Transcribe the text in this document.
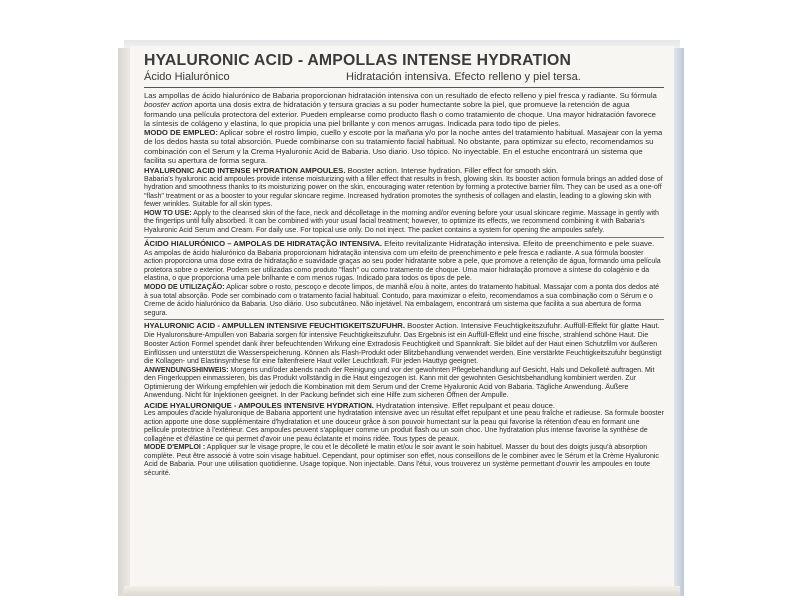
HYALURONIC ACID - AMPOLLAS INTENSE HYDRATION
Ácido Hialurónico	Hidratación intensiva. Efecto relleno y piel tersa.

Las ampollas de ácido hialurónico de Babaria proporcionan hidratación intensiva con un resultado de efecto relleno y piel fresca y radiante. Su fórmula booster action aporta una dosis extra de hidratación y tersura gracias a su poder humectante sobre la piel, que promueve la retención de agua formando una película protectora del exterior. Pueden emplearse como producto flash o como tratamiento de choque. Una mayor hidratación favorece la síntesis de colágeno y elastina, lo que propicia una piel brillante y con menos arrugas. Indicada para todo tipo de pieles.

MODO DE EMPLEO: Aplicar sobre el rostro limpio, cuello y escote por la mañana y/o por la noche antes del tratamiento habitual. Masajear con la yema de los dedos hasta su total absorción. Puede combinarse con su tratamiento facial habitual. No obstante, para optimizar su efecto, recomendamos su combinación con el Serum y la Crema Hyaluronic Acid de Babaria. Uso diario. Uso tópico. No inyectable. En el estuche encontrará un sistema que facilita su apertura de forma segura.

HYALURONIC ACID INTENSE HYDRATION AMPOULES. Booster action. Intense hydration. Filler effect for smooth skin.

Babaria's hyaluronic acid ampoules provide intense moisturizing with a filler effect that results in fresh, glowing skin. Its booster action formula brings an added dose of hydration and smoothness thanks to its moisturizing power on the skin, encouraging water retention by forming a protective barrier film. They can be used as a one-off "flash" treatment or as a booster to your regular skincare regime. Increased hydration promotes the synthesis of collagen and elastin, leading to a glowing skin with fewer wrinkles. Suitable for all skin types.

HOW TO USE: Apply to the cleansed skin of the face, neck and décolletage in the morning and/or evening before your usual skincare regime. Massage in gently with the fingertips until fully absorbed. It can be combined with your usual facial treatment; however, to optimize its effects, we recommend combining it with Babaria's Hyaluronic Acid Serum and Cream. For daily use. For topical use only. Do not inject. The packet contains a system for opening the ampoules safely.

ÁCIDO HIALURÓNICO – AMPOLAS DE HIDRATAÇÃO INTENSIVA. Efeito revitalizante Hidratação intensiva. Efeito de preenchimento e pele suave.

As ampolas de ácido hialurónico da Babaria proporcionam hidratação intensiva com um efeito de preenchimento e pele fresca e radiante. A sua fórmula booster action proporciona uma dose extra de hidratação e suavidade graças ao seu poder hidratante sobre a pele, que promove a retenção de água, formando uma película protetora sobre o exterior. Podem ser utilizadas como produto "flash" ou como tratamento de choque. Uma maior hidratação promove a síntese do colagénio e da elastina, o que proporciona uma pele brilhante e com menos rugas. Indicado para todos os tipos de pele.

MODO DE UTILIZAÇÃO: Aplicar sobre o rosto, pescoço e decote limpos, de manhã e/ou à noite, antes do tratamento habitual. Massajar com a ponta dos dedos até à sua total absorção. Pode ser combinado com o tratamento facial habitual. Contudo, para maximizar o efeito, recomendamos a sua combinação com o Sérum e o Creme de ácido hialurónico da Babaria. Uso diário. Uso subcutâneo. Não injetável. Na embalagem, encontrará um sistema que facilita a sua abertura de forma segura.

HYALURONIC ACID - AMPULLEN INTENSIVE FEUCHTIGKEITSZUFUHR. Booster Action. Intensive Feuchtigkeitszufuhr. Auffüll-Effekt für glatte Haut.

Die Hyaluronsäure-Ampullen von Babaria sorgen für intensive Feuchtigkeitszufuhr. Das Ergebnis ist ein Auffüll-Effekt und eine frische, strahlend schöne Haut. Die Booster Action Formel spendet dank ihrer befeuchtenden Wirkung eine Extradosis Feuchtigkeit und Spannkraft. Sie bildet auf der Haut einen Schutzfilm vor äußeren Einflüssen und unterstützt die Wasserspeicherung. Können als Flash-Produkt oder Blitzbehandlung verwendet werden. Eine verstärkte Feuchtigkeitszufuhr begünstigt die Kollagen- und Elastinsynthese für eine faltenfreiere Haut voller Leuchtkraft. Für jeden Hauttyp geeignet.

ANWENDUNGSHINWEIS: Morgens und/oder abends nach der Reinigung und vor der gewohnten Pflegebehandlung auf Gesicht, Hals und Dekolleté auftragen. Mit den Fingerkuppen einmassieren, bis das Produkt vollständig in die Haut eingezogen ist. Kann mit der gewohnten Gesichtsbehandlung kombiniert werden. Zur Optimierung der Wirkung empfehlen wir jedoch die Kombination mit dem Serum und der Creme Hyaluronic Acid von Babaria. Tägliche Anwendung. Äußere Anwendung. Nicht für Injektionen geeignet. In der Packung befindet sich eine Hilfe zum sicheren Öffnen der Ampulle.

ACIDE HYALURONIQUE - AMPOULES INTENSIVE HYDRATION. Hydratation intensive. Effet repulpant et peau douce.

Les ampoules d'acide hyaluronique de Babaria apportent une hydratation intensive avec un résultat effet repulpant et une peau fraîche et radieuse. Sa formule booster action apporte une dose supplémentaire d'hydratation et une douceur grâce à son pouvoir humectant sur la peau qui favorise la rétention d'eau en formant une pellicule protectrice à l'extérieur. Ces ampoules peuvent s'appliquer comme un produit flash ou un soin choc. Une hydratation plus intense favorise la synthèse de collagène et d'élastine ce qui permet d'avoir une peau éclatante et moins ridée. Tous types de peaux.

MODE D'EMPLOI : Appliquer sur le visage propre, le cou et le décolleté le matin et/ou le soir avant le soin habituel. Masser du bout des doigts jusqu'à absorption complète. Peut être associé à votre soin visage habituel. Cependant, pour optimiser son effet, nous conseillons de le combiner avec le Sérum et la Crème Hyaluronic Acid de Babaria. Pour une utilisation quotidienne. Usage topique. Non injectable. Dans l'étui, vous trouverez un système permettant d'ouvrir les ampoules en toute sécurité.
